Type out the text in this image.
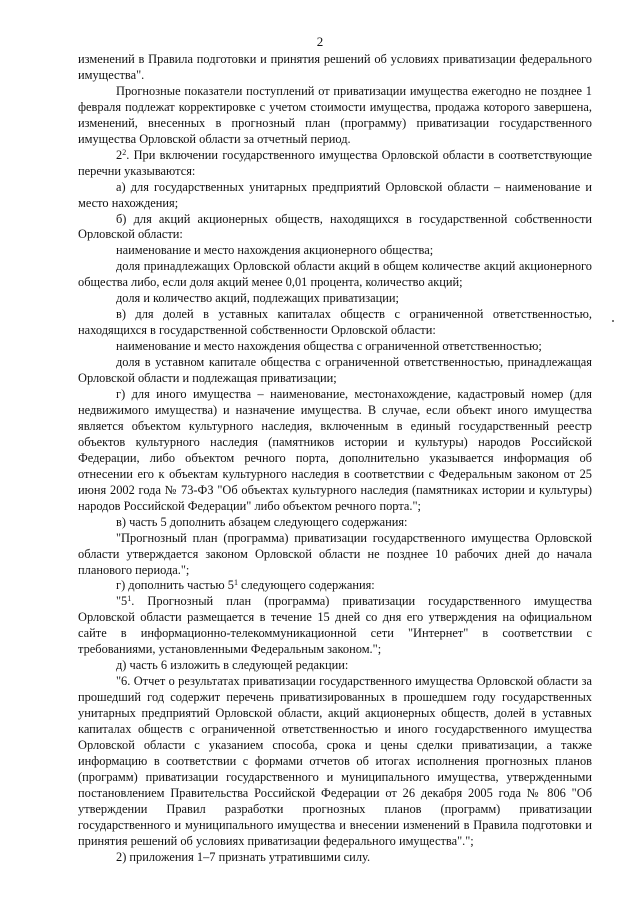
2

изменений в Правила подготовки и принятия решений об условиях приватизации федерального имущества".

Прогнозные показатели поступлений от приватизации имущества ежегодно не позднее 1 февраля подлежат корректировке с учетом стоимости имущества, продажа которого завершена, изменений, внесенных в прогнозный план (программу) приватизации государственного имущества Орловской области за отчетный период.

$2^2$. При включении государственного имущества Орловской области в соответствующие перечни указываются:

а) для государственных унитарных предприятий Орловской области – наименование и место нахождения;

б) для акций акционерных обществ, находящихся в государственной собственности Орловской области:

наименование и место нахождения акционерного общества;

доля принадлежащих Орловской области акций в общем количестве акций акционерного общества либо, если доля акций менее 0,01 процента, количество акций;

доля и количество акций, подлежащих приватизации;

в) для долей в уставных капиталах обществ с ограниченной ответственностью, находящихся в государственной собственности Орловской области:

наименование и место нахождения общества с ограниченной ответственностью;

доля в уставном капитале общества с ограниченной ответственностью, принадлежащая Орловской области и подлежащая приватизации;

г) для иного имущества – наименование, местонахождение, кадастровый номер (для недвижимого имущества) и назначение имущества. В случае, если объект иного имущества является объектом культурного наследия, включенным в единый государственный реестр объектов культурного наследия (памятников истории и культуры) народов Российской Федерации, либо объектом речного порта, дополнительно указывается информация об отнесении его к объектам культурного наследия в соответствии с Федеральным законом от 25 июня 2002 года № 73-ФЗ "Об объектах культурного наследия (памятниках истории и культуры) народов Российской Федерации" либо объектом речного порта.";

в) часть 5 дополнить абзацем следующего содержания:

"Прогнозный план (программа) приватизации государственного имущества Орловской области утверждается законом Орловской области не позднее 10 рабочих дней до начала планового периода.";

г) дополнить частью $5^1$ следующего содержания:

"$5^1$. Прогнозный план (программа) приватизации государственного имущества Орловской области размещается в течение 15 дней со дня его утверждения на официальном сайте в информационно-телекоммуникационной сети "Интернет" в соответствии с требованиями, установленными Федеральным законом.";

д) часть 6 изложить в следующей редакции:

"6. Отчет о результатах приватизации государственного имущества Орловской области за прошедший год содержит перечень приватизированных в прошедшем году государственных унитарных предприятий Орловской области, акций акционерных обществ, долей в уставных капиталах обществ с ограниченной ответственностью и иного государственного имущества Орловской области с указанием способа, срока и цены сделки приватизации, а также информацию в соответствии с формами отчетов об итогах исполнения прогнозных планов (программ) приватизации государственного и муниципального имущества, утвержденными постановлением Правительства Российской Федерации от 26 декабря 2005 года № 806 "Об утверждении Правил разработки прогнозных планов (программ) приватизации государственного и муниципального имущества и внесении изменений в Правила подготовки и принятия решений об условиях приватизации федерального имущества".";

2) приложения 1–7 признать утратившими силу.
